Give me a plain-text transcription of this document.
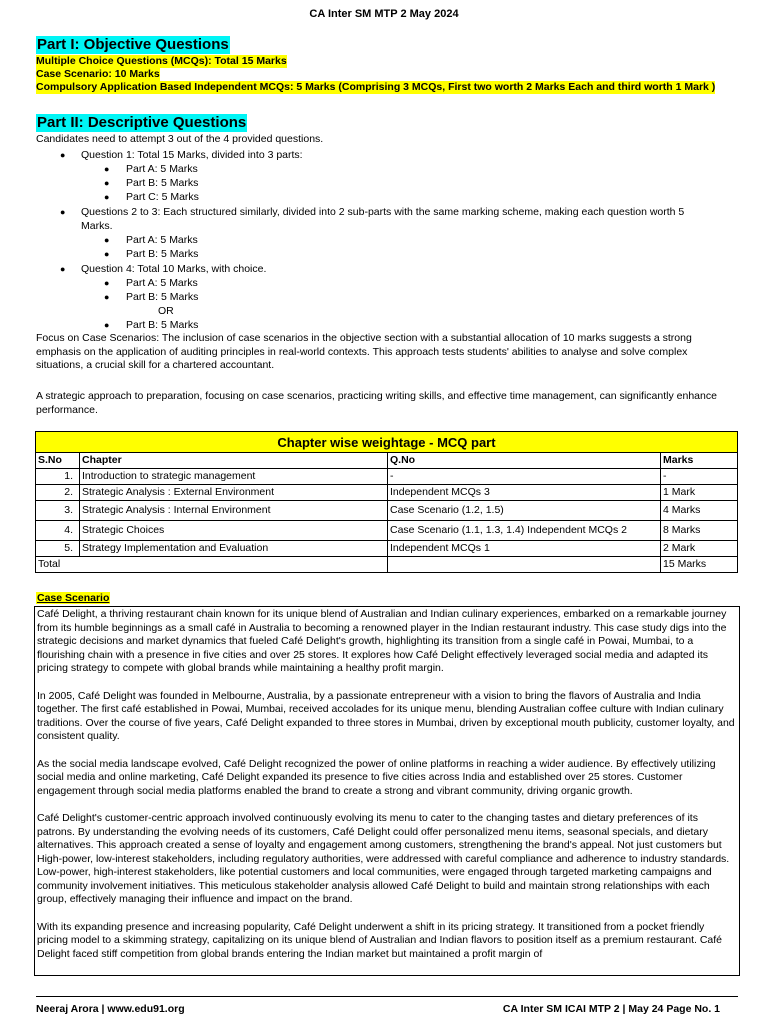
CA Inter SM MTP 2 May 2024
Part I: Objective Questions
Multiple Choice Questions (MCQs): Total 15 Marks
Case Scenario: 10 Marks
Compulsory Application Based Independent MCQs: 5 Marks (Comprising 3 MCQs, First two worth 2 Marks Each and third worth 1 Mark )
Part II: Descriptive Questions
Candidates need to attempt 3 out of the 4 provided questions.
● Question 1: Total 15 Marks, divided into 3 parts:
● Part A: 5 Marks
● Part B: 5 Marks
● Part C: 5 Marks
● Questions 2 to 3: Each structured similarly, divided into 2 sub-parts with the same marking scheme, making each question worth 5
Marks.
● Part A: 5 Marks
● Part B: 5 Marks
● Question 4: Total 10 Marks, with choice.
● Part A: 5 Marks
● Part B: 5 Marks
OR
● Part B: 5 Marks
Focus on Case Scenarios: The inclusion of case scenarios in the objective section with a substantial allocation of 10 marks suggests a strong emphasis on the application of auditing principles in real-world contexts. This approach tests students' abilities to analyse and solve complex situations, a crucial skill for a chartered accountant.
A strategic approach to preparation, focusing on case scenarios, practicing writing skills, and effective time management, can significantly enhance performance.
Chapter wise weightage - MCQ part			
S.No	Chapter	Q.No	Marks
1.	Introduction to strategic management	-	-
2.	Strategic Analysis : External Environment	Independent MCQs 3	1 Mark
3.	Strategic Analysis : Internal Environment	Case Scenario (1.2, 1.5)	4 Marks
4.	Strategic Choices	Case Scenario (1.1, 1.3, 1.4) Independent MCQs 2	8 Marks
5.	Strategy Implementation and Evaluation	Independent MCQs 1	2 Mark
Total			15 Marks
Case Scenario

Café Delight, a thriving restaurant chain known for its unique blend of Australian and Indian culinary experiences, embarked on a remarkable journey from its humble beginnings as a small café in Australia to becoming a renowned player in the Indian restaurant industry. This case study digs into the strategic decisions and market dynamics that fueled Café Delight's growth, highlighting its transition from a single café in Powai, Mumbai, to a flourishing chain with a presence in five cities and over 25 stores. It explores how Café Delight effectively leveraged social media and adapted its pricing strategy to compete with global brands while maintaining a healthy profit margin.

In 2005, Café Delight was founded in Melbourne, Australia, by a passionate entrepreneur with a vision to bring the flavors of Australia and India together. The first café established in Powai, Mumbai, received accolades for its unique menu, blending Australian coffee culture with Indian culinary traditions. Over the course of five years, Café Delight expanded to three stores in Mumbai, driven by exceptional mouth publicity, customer loyalty, and consistent quality.

As the social media landscape evolved, Café Delight recognized the power of online platforms in reaching a wider audience. By effectively utilizing social media and online marketing, Café Delight expanded its presence to five cities across India and established over 25 stores. Customer engagement through social media platforms enabled the brand to create a strong and vibrant community, driving organic growth.

Café Delight's customer-centric approach involved continuously evolving its menu to cater to the changing tastes and dietary preferences of its patrons. By understanding the evolving needs of its customers, Café Delight could offer personalized menu items, seasonal specials, and dietary alternatives. This approach created a sense of loyalty and engagement among customers, strengthening the brand's appeal. Not just customers but High-power, low-interest stakeholders, including regulatory authorities, were addressed with careful compliance and adherence to industry standards. Low-power, high-interest stakeholders, like potential customers and local communities, were engaged through targeted marketing campaigns and community involvement initiatives. This meticulous stakeholder analysis allowed Café Delight to build and maintain strong relationships with each group, effectively managing their influence and impact on the brand.

With its expanding presence and increasing popularity, Café Delight underwent a shift in its pricing strategy. It transitioned from a pocket friendly pricing model to a skimming strategy, capitalizing on its unique blend of Australian and Indian flavors to position itself as a premium restaurant. Café Delight faced stiff competition from global brands entering the Indian market but maintained a profit margin of

Neeraj Arora | www.edu91.org	CA Inter SM ICAI MTP 2 | May 24 Page No. 1
